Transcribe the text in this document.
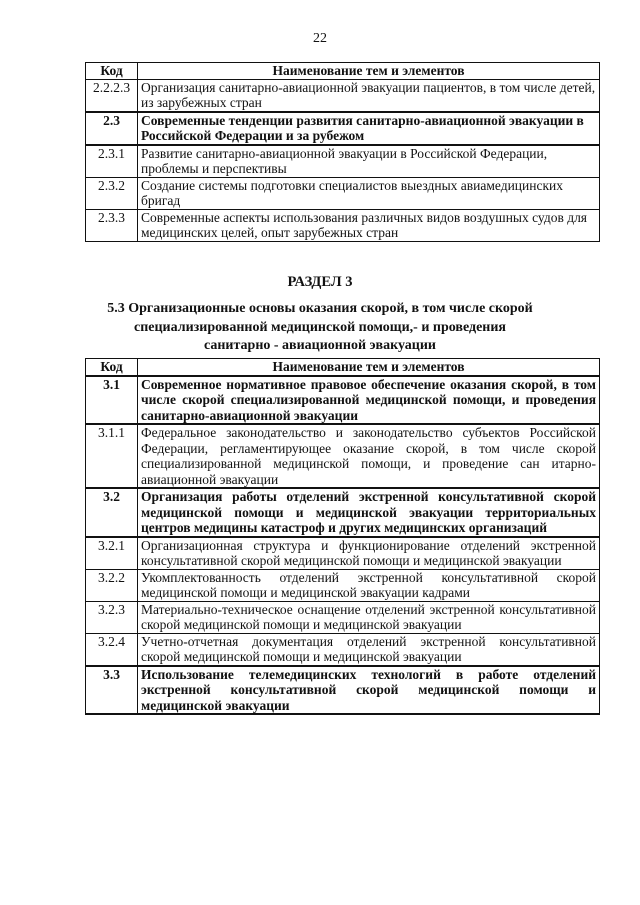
22
Код	Наименование тем и элементов
2.2.2.3	Организация санитарно-авиационной эвакуации пациентов, в том числе детей, из зарубежных стран
2.3	Современные тенденции развития санитарно-авиационной эвакуации в Российской Федерации и за рубежом
2.3.1	Развитие санитарно-авиационной эвакуации в Российской Федерации, проблемы и перспективы
2.3.2	Создание системы подготовки специалистов выездных авиамедицинских бригад
2.3.3	Современные аспекты использования различных видов воздушных судов для медицинских целей, опыт зарубежных стран
РАЗДЕЛ 3
5.3 Организационные основы оказания скорой, в том числе скорой специализированной медицинской помощи,- и проведения санитарно - авиационной эвакуации
Код	Наименование тем и элементов
3.1	Современное нормативное правовое обеспечение оказания скорой, в том числе скорой специализированной медицинской помощи, и проведения санитарно-авиационной эвакуации
3.1.1	Федеральное законодательство и законодательство субъектов Российской Федерации, регламентирующее оказание скорой, в том числе скорой специализированной медицинской помощи, и проведение сан итарно-авиационной эвакуации
3.2	Организация работы отделений экстренной консультативной скорой медицинской помощи и медицинской эвакуации территориальных центров медицины катастроф и других медицинских организаций
3.2.1	Организационная структура и функционирование отделений экстренной консультативной скорой медицинской помощи и медицинской эвакуации
3.2.2	Укомплектованность отделений экстренной консультативной скорой медицинской помощи и медицинской эвакуации кадрами
3.2.3	Материально-техническое оснащение отделений экстренной консультативной скорой медицинской помощи и медицинской эвакуации
3.2.4	Учетно-отчетная документация отделений экстренной консультативной скорой медицинской помощи и медицинской эвакуации
3.3	Использование телемедицинских технологий в работе отделений экстренной консультативной скорой медицинской помощи и медицинской эвакуации
